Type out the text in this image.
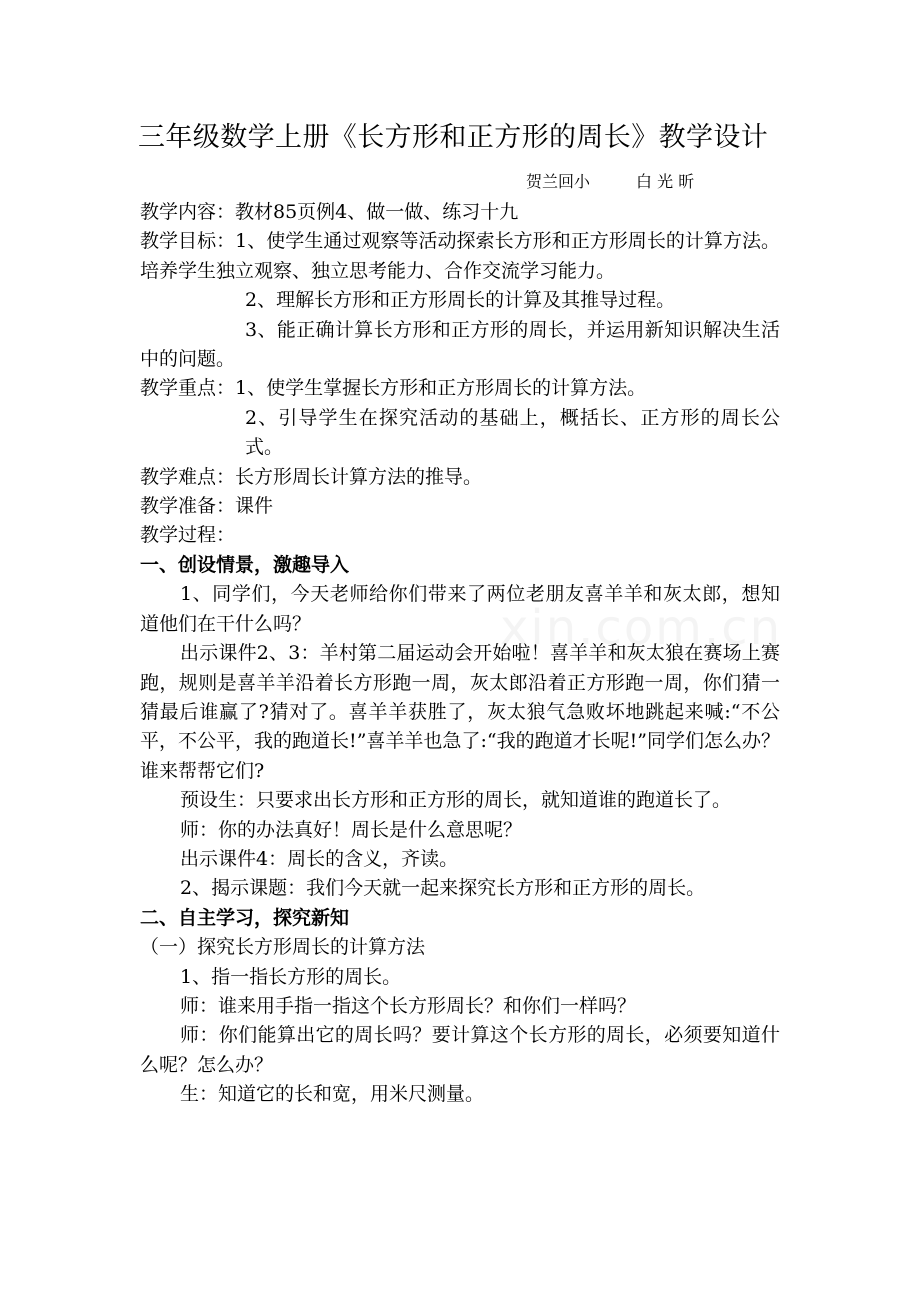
三年级数学上册《长方形和正方形的周长》教学设计
贺兰回小	白 光 昕

教学内容：教材85页例4、做一做、练习十九

教学目标：1、使学生通过观察等活动探索长方形和正方形周长的计算方法。培养学生独立观察、独立思考能力、合作交流学习能力。

2、理解长方形和正方形周长的计算及其推导过程。

3、能正确计算长方形和正方形的周长，并运用新知识解决生活中的问题。

教学重点：1、使学生掌握长方形和正方形周长的计算方法。

2、引导学生在探究活动的基础上，概括长、正方形的周长公式。

教学难点：长方形周长计算方法的推导。

教学准备：课件

教学过程：

一、创设情景，激趣导入

1、同学们，今天老师给你们带来了两位老朋友喜羊羊和灰太郎，想知道他们在干什么吗？

出示课件2、3：羊村第二届运动会开始啦！喜羊羊和灰太狼在赛场上赛跑，规则是喜羊羊沿着长方形跑一周，灰太郎沿着正方形跑一周，你们猜一猜最后谁赢了?猜对了。喜羊羊获胜了，灰太狼气急败坏地跳起来喊:“不公平，不公平，我的跑道长!”喜羊羊也急了:“我的跑道才长呢!”同学们怎么办？谁来帮帮它们?

预设生：只要求出长方形和正方形的周长，就知道谁的跑道长了。

师：你的办法真好！周长是什么意思呢？

出示课件4：周长的含义，齐读。

2、揭示课题：我们今天就一起来探究长方形和正方形的周长。

二、自主学习，探究新知

（一）探究长方形周长的计算方法

1、指一指长方形的周长。

师：谁来用手指一指这个长方形周长？和你们一样吗？

师：你们能算出它的周长吗？要计算这个长方形的周长，必须要知道什么呢？怎么办？

生：知道它的长和宽，用米尺测量。

xin.com.cn
